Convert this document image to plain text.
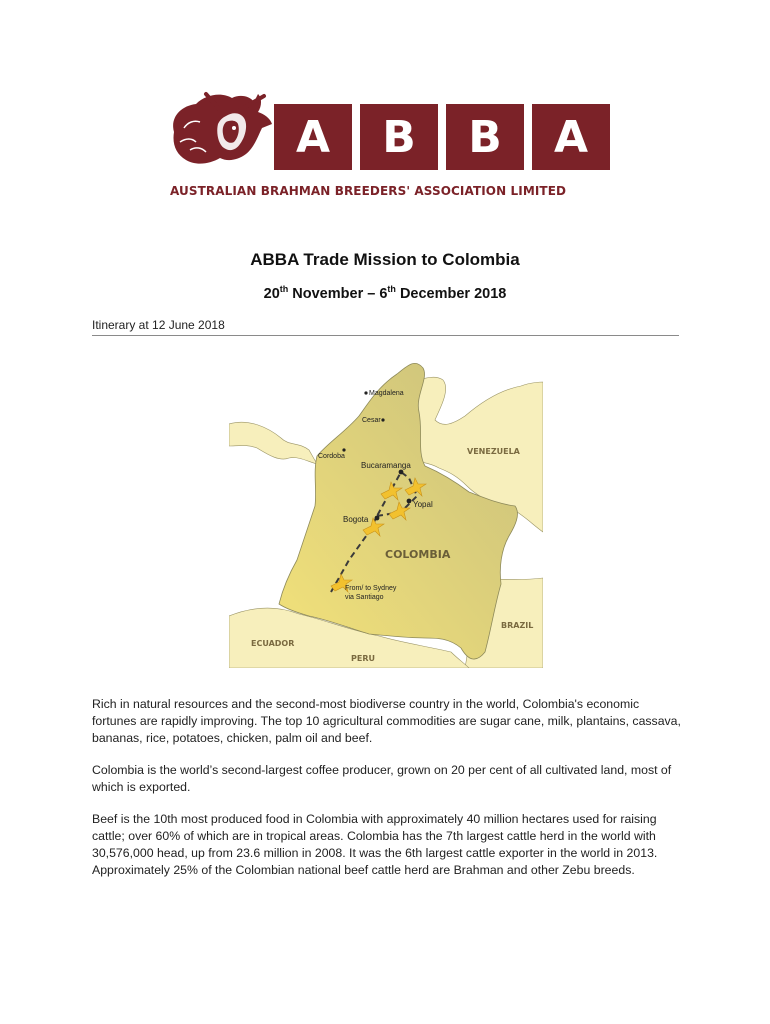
A	B	B	A
AUSTRALIAN BRAHMAN BREEDERS' ASSOCIATION LIMITED
ABBA Trade Mission to Colombia
20th November – 6th December 2018
Itinerary at 12 June 2018
Magdalena
Cesar
Cordoba
Bucaramanga
Yopal
Bogota
From/ to Sydney
via Santiago
VENEZUELA
COLOMBIA
ECUADOR
PERU
BRAZIL
Rich in natural resources and the second-most biodiverse country in the world, Colombia's economic fortunes are rapidly improving. The top 10 agricultural commodities are sugar cane, milk, plantains, cassava, bananas, rice, potatoes, chicken, palm oil and beef.
Colombia is the world’s second-largest coffee producer, grown on 20 per cent of all cultivated land, most of which is exported.
Beef is the 10th most produced food in Colombia with approximately 40 million hectares used for raising cattle; over 60% of which are in tropical areas. Colombia has the 7th largest cattle herd in the world with 30,576,000 head, up from 23.6 million in 2008. It was the 6th largest cattle exporter in the world in 2013.
Approximately 25% of the Colombian national beef cattle herd are Brahman and other Zebu breeds.
